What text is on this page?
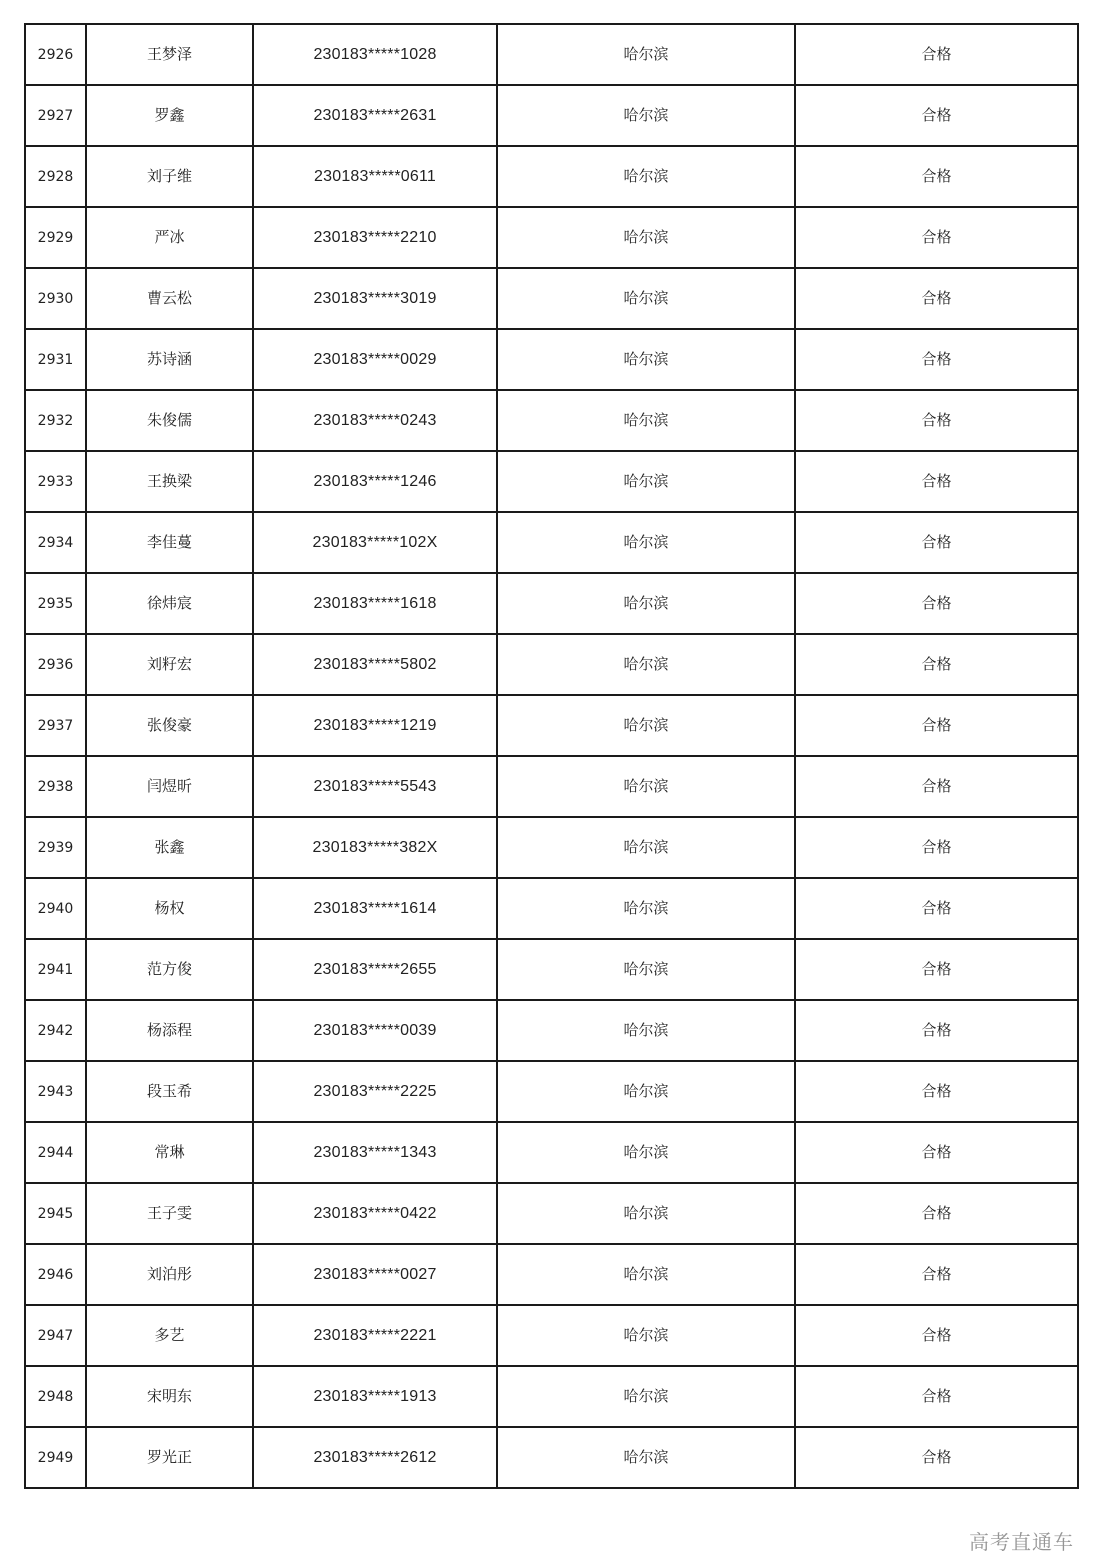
2926	王梦泽	230183*****1028	哈尔滨	合格
2927	罗鑫	230183*****2631	哈尔滨	合格
2928	刘子维	230183*****0611	哈尔滨	合格
2929	严冰	230183*****2210	哈尔滨	合格
2930	曹云松	230183*****3019	哈尔滨	合格
2931	苏诗涵	230183*****0029	哈尔滨	合格
2932	朱俊儒	230183*****0243	哈尔滨	合格
2933	王换梁	230183*****1246	哈尔滨	合格
2934	李佳蔓	230183*****102X	哈尔滨	合格
2935	徐炜宸	230183*****1618	哈尔滨	合格
2936	刘籽宏	230183*****5802	哈尔滨	合格
2937	张俊豪	230183*****1219	哈尔滨	合格
2938	闫煜昕	230183*****5543	哈尔滨	合格
2939	张鑫	230183*****382X	哈尔滨	合格
2940	杨权	230183*****1614	哈尔滨	合格
2941	范方俊	230183*****2655	哈尔滨	合格
2942	杨添程	230183*****0039	哈尔滨	合格
2943	段玉希	230183*****2225	哈尔滨	合格
2944	常琳	230183*****1343	哈尔滨	合格
2945	王子雯	230183*****0422	哈尔滨	合格
2946	刘泊彤	230183*****0027	哈尔滨	合格
2947	多艺	230183*****2221	哈尔滨	合格
2948	宋明东	230183*****1913	哈尔滨	合格
2949	罗光正	230183*****2612	哈尔滨	合格
高考直通车
